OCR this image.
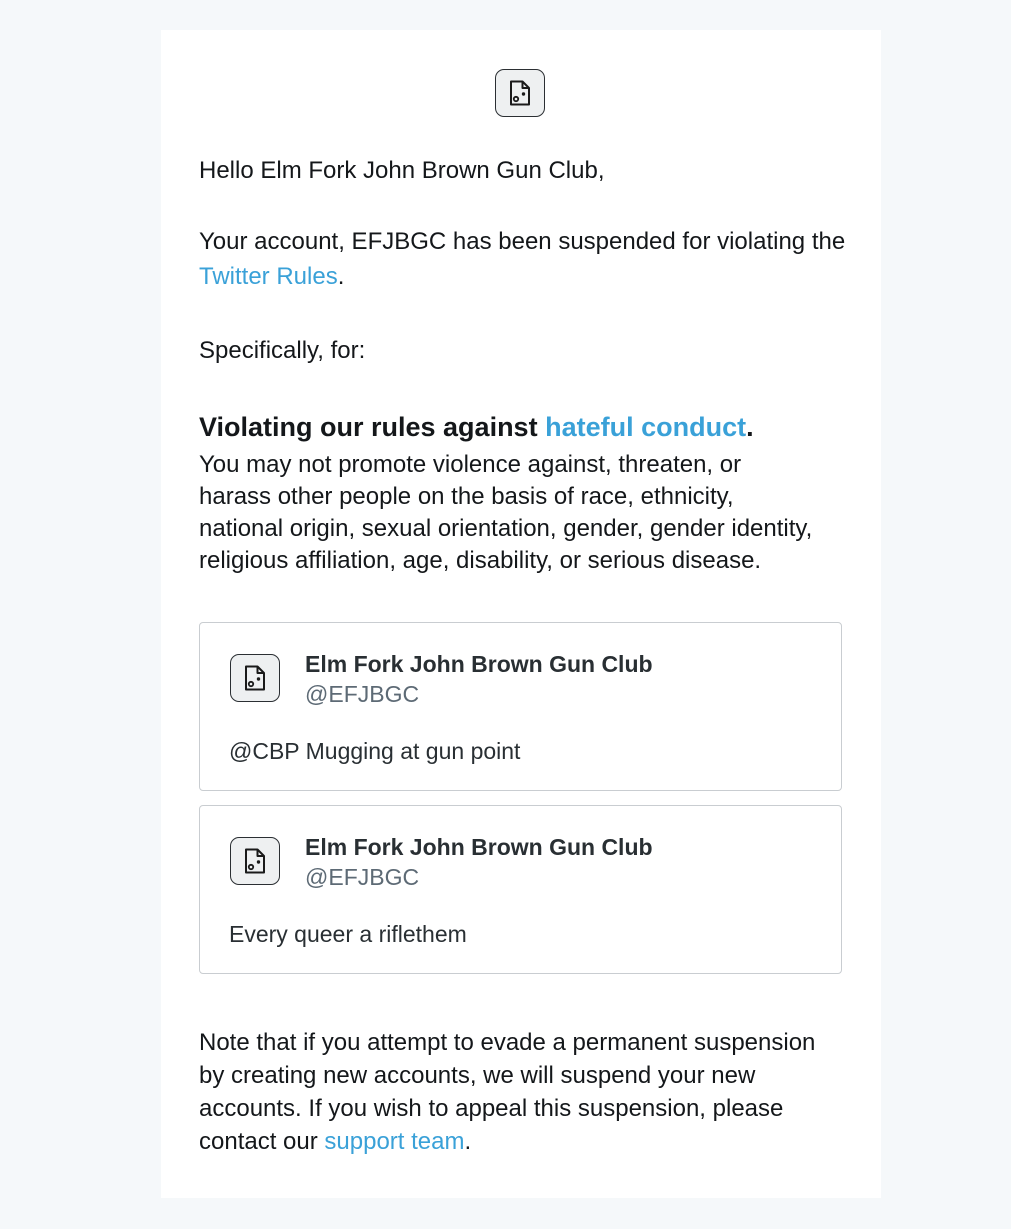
Hello Elm Fork John Brown Gun Club,

Your account, EFJBGC has been suspended for violating the Twitter Rules.

Specifically, for:

Violating our rules against hateful conduct.

You may not promote violence against, threaten, or harass other people on the basis of race, ethnicity, national origin, sexual orientation, gender, gender identity, religious affiliation, age, disability, or serious disease.

Elm Fork John Brown Gun Club
@EFJBGC
@CBP Mugging at gun point
Elm Fork John Brown Gun Club
@EFJBGC
Every queer a riflethem

Note that if you attempt to evade a permanent suspension by creating new accounts, we will suspend your new accounts. If you wish to appeal this suspension, please contact our support team.
